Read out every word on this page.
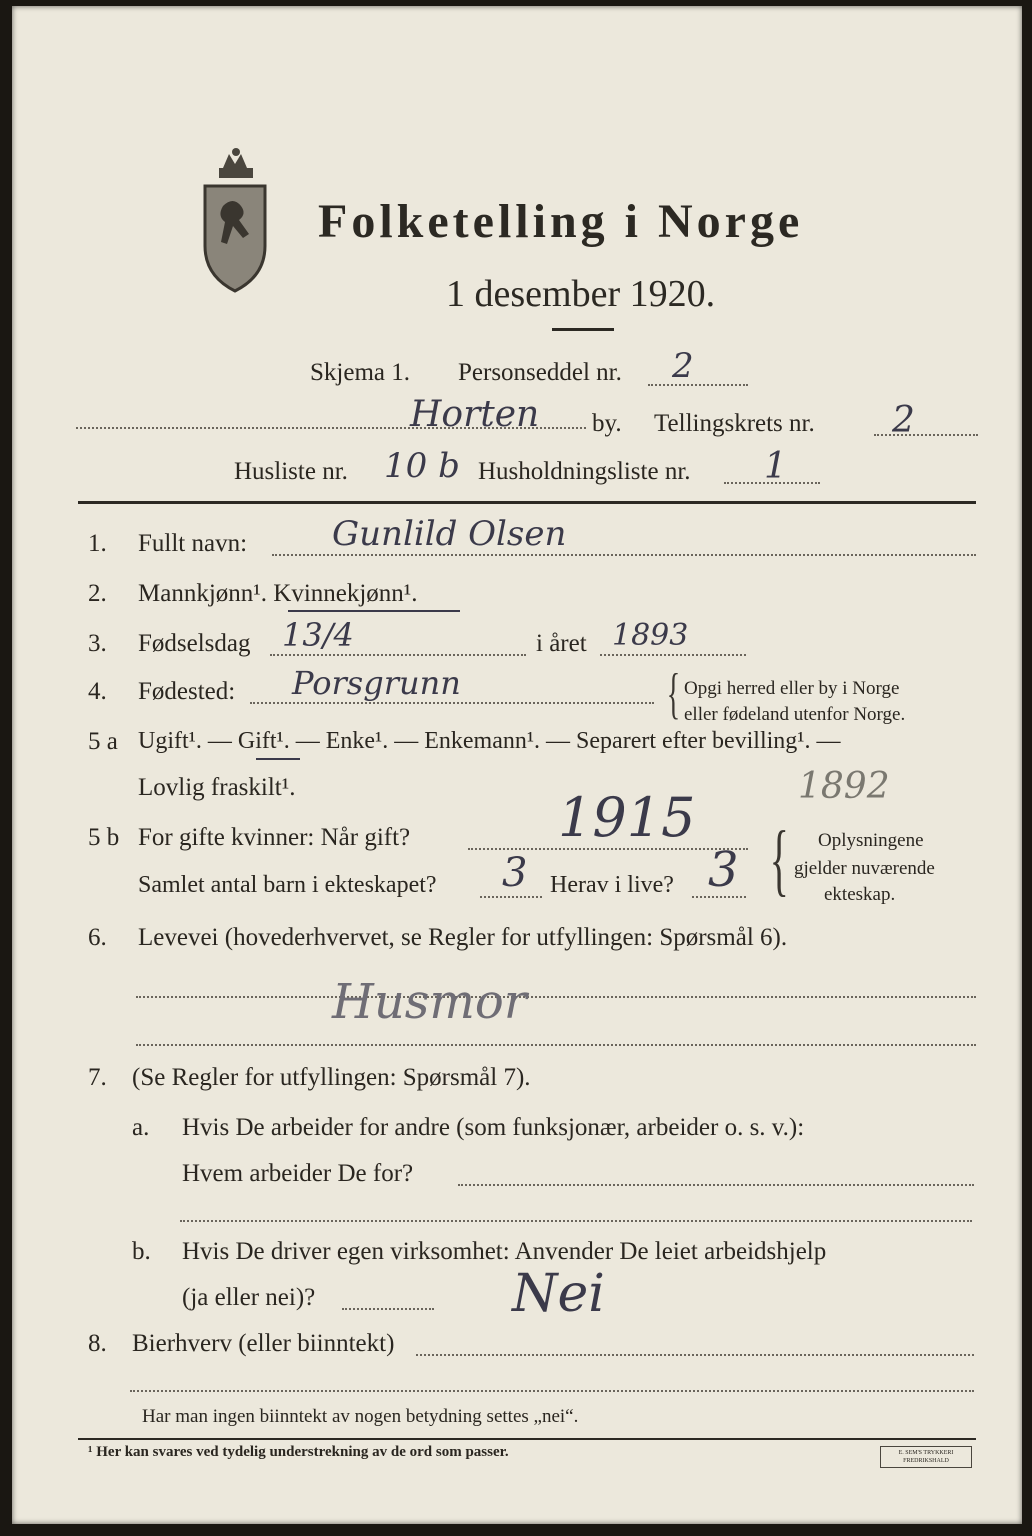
Folketelling i Norge
1 desember 1920.
Skjema 1. Personseddel nr. 2
Horten by. Tellingskrets nr. 2
Husliste nr. 10 b Husholdningsliste nr. 1
1. Fullt navn: Gunlild Olsen
2. Mannkjønn¹. Kvinnekjønn¹.
3. Fødselsdag 13/4	i året 1893
4. Fødested: Porsgrunn	{ Opgi herred eller by i Norge
eller fødeland utenfor Norge.
5 a Ugift¹. — Gift¹. — Enke¹. — Enkemann¹. — Separert efter bevilling¹. —
Lovlig fraskilt¹.	1892
5 b For gifte kvinner: Når gift?	1915
Samlet antal barn i ekteskapet? 3 Herav i live? 3 { Oplysningene
gjelder nuværende
ekteskap.
6. Levevei (hovederhvervet, se Regler for utfyllingen: Spørsmål 6).
Husmor
7. (Se Regler for utfyllingen: Spørsmål 7).
a. Hvis De arbeider for andre (som funksjonær, arbeider o. s. v.):
Hvem arbeider De for?
b. Hvis De driver egen virksomhet: Anvender De leiet arbeidshjelp
(ja eller nei)?	Nei
8. Bierhverv (eller biinntekt)
Har man ingen biinntekt av nogen betydning settes „nei“.
¹ Her kan svares ved tydelig understrekning av de ord som passer.	E. SEM'S TRYKKERI FREDRIKSHALD
